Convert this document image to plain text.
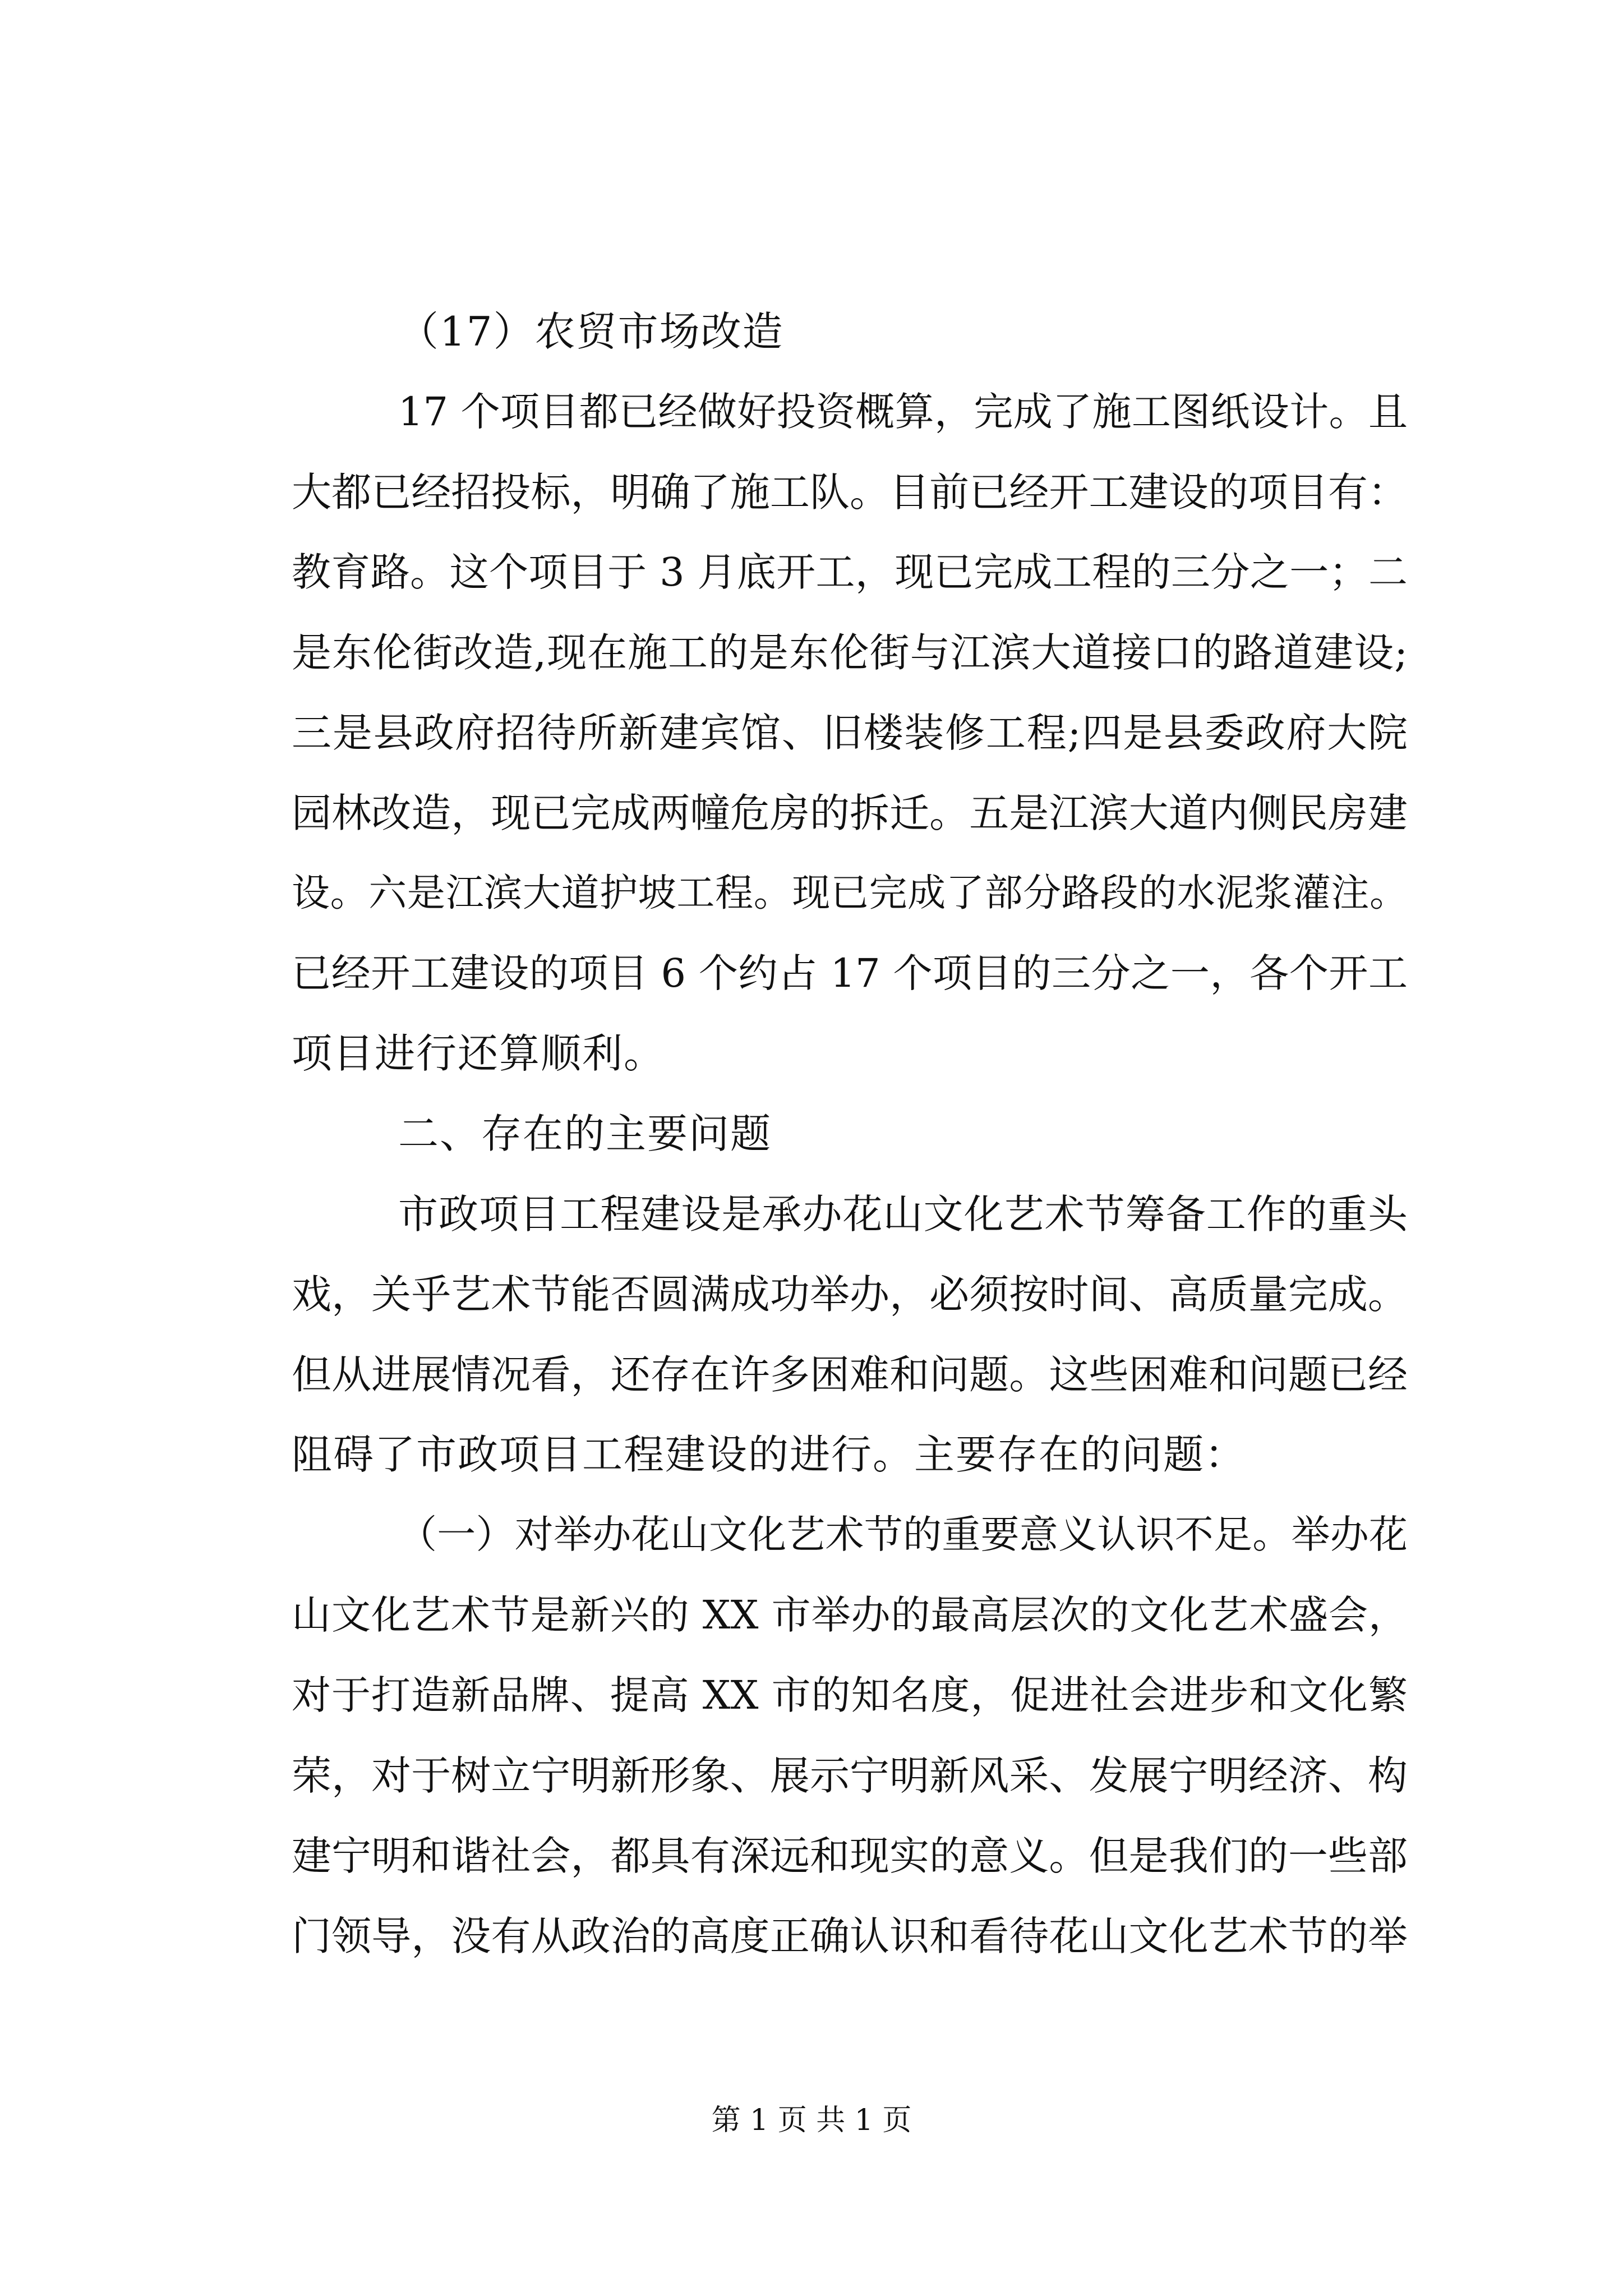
（17）农贸市场改造
17 个项目都已经做好投资概算，完成了施工图纸设计。且
大都已经招投标，明确了施工队。目前已经开工建设的项目有：
教育路。这个项目于 3 月底开工，现已完成工程的三分之一；二
是东伦街改造,现在施工的是东伦街与江滨大道接口的路道建设;
三是县政府招待所新建宾馆、旧楼装修工程;四是县委政府大院
园林改造，现已完成两幢危房的拆迁。五是江滨大道内侧民房建
设。六是江滨大道护坡工程。现已完成了部分路段的水泥浆灌注。
已经开工建设的项目 6 个约占 17 个项目的三分之一，各个开工
项目进行还算顺利。
二、存在的主要问题
市政项目工程建设是承办花山文化艺术节筹备工作的重头
戏，关乎艺术节能否圆满成功举办，必须按时间、高质量完成。
但从进展情况看，还存在许多困难和问题。这些困难和问题已经
阻碍了市政项目工程建设的进行。主要存在的问题：
（一）对举办花山文化艺术节的重要意义认识不足。举办花
山文化艺术节是新兴的 XX 市举办的最高层次的文化艺术盛会，
对于打造新品牌、提高 XX 市的知名度，促进社会进步和文化繁
荣，对于树立宁明新形象、展示宁明新风采、发展宁明经济、构
建宁明和谐社会，都具有深远和现实的意义。但是我们的一些部
门领导，没有从政治的高度正确认识和看待花山文化艺术节的举
第 1 页 共 1 页
